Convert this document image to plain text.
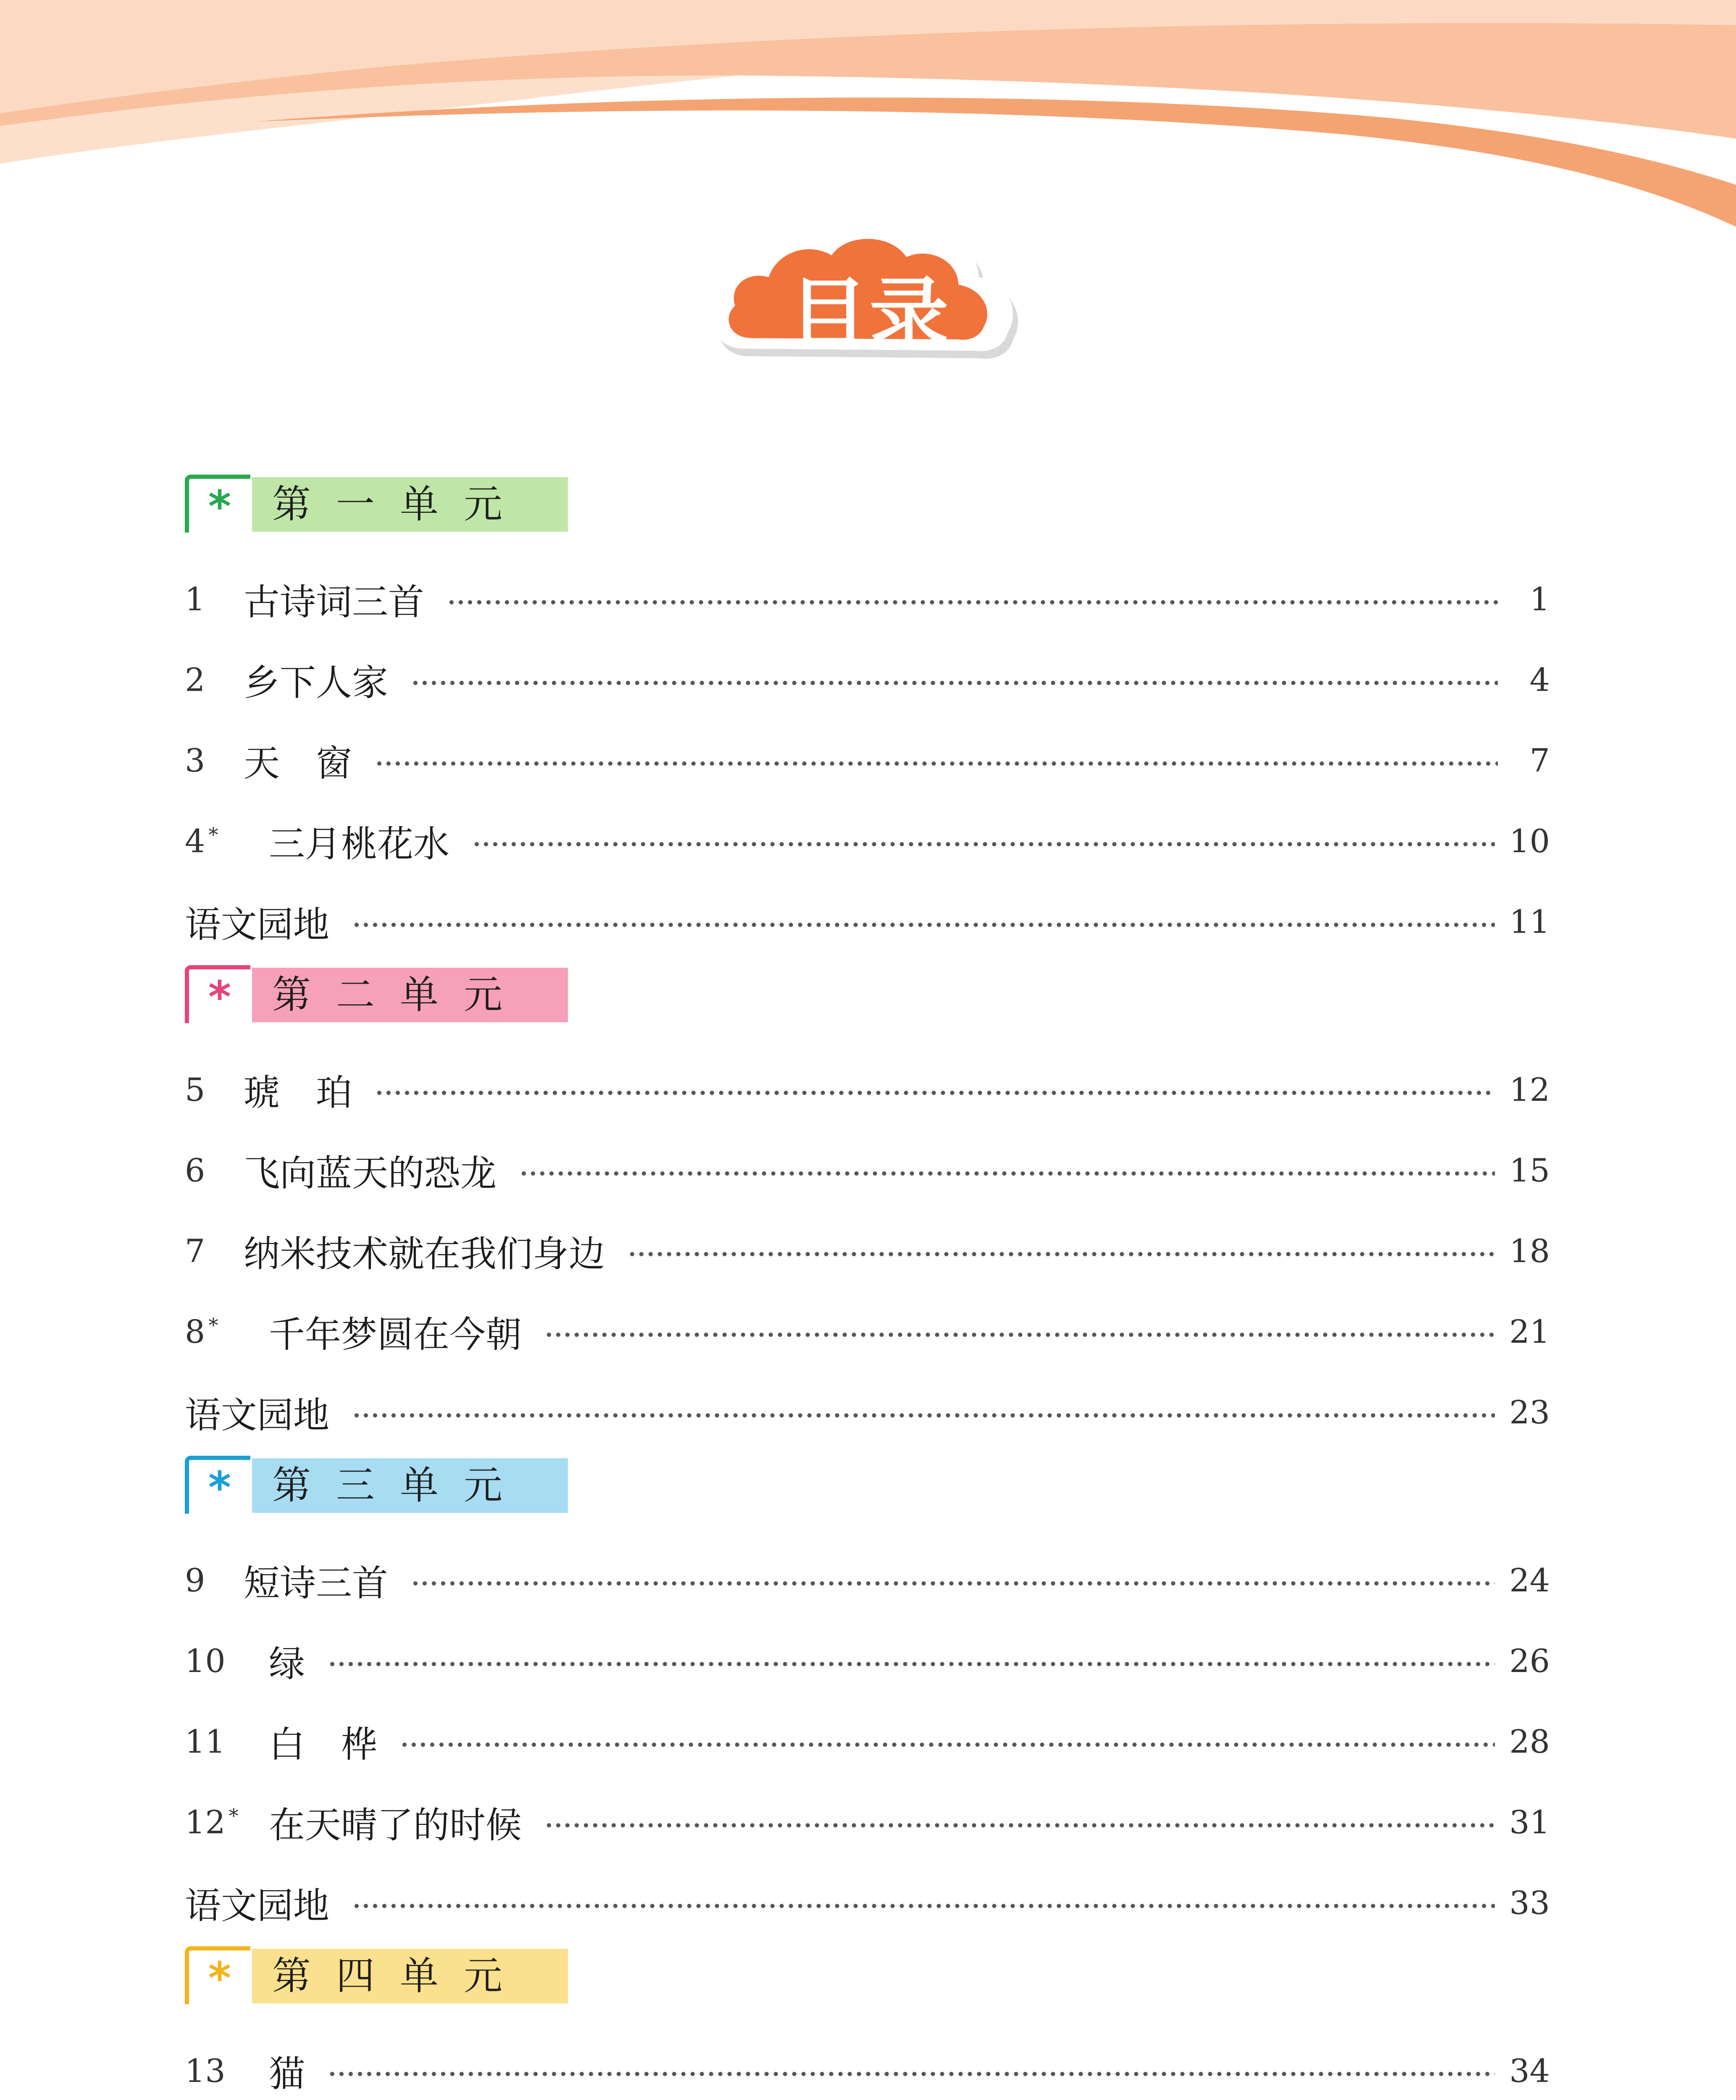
目录
第一单元
*
1	古诗词三首	1
2	乡下人家	4
3	天　窗	7
4 *	三月桃花水	10
语文园地	11
第二单元
*
5	琥　珀	12
6	飞向蓝天的恐龙	15
7	纳米技术就在我们身边	18
8 *	千年梦圆在今朝	21
语文园地	23
第三单元
*
9	短诗三首	24
10	绿	26
11	白　桦	28
12 * 在天晴了的时候	31
语文园地	33
第四单元
*
13	猫	34
